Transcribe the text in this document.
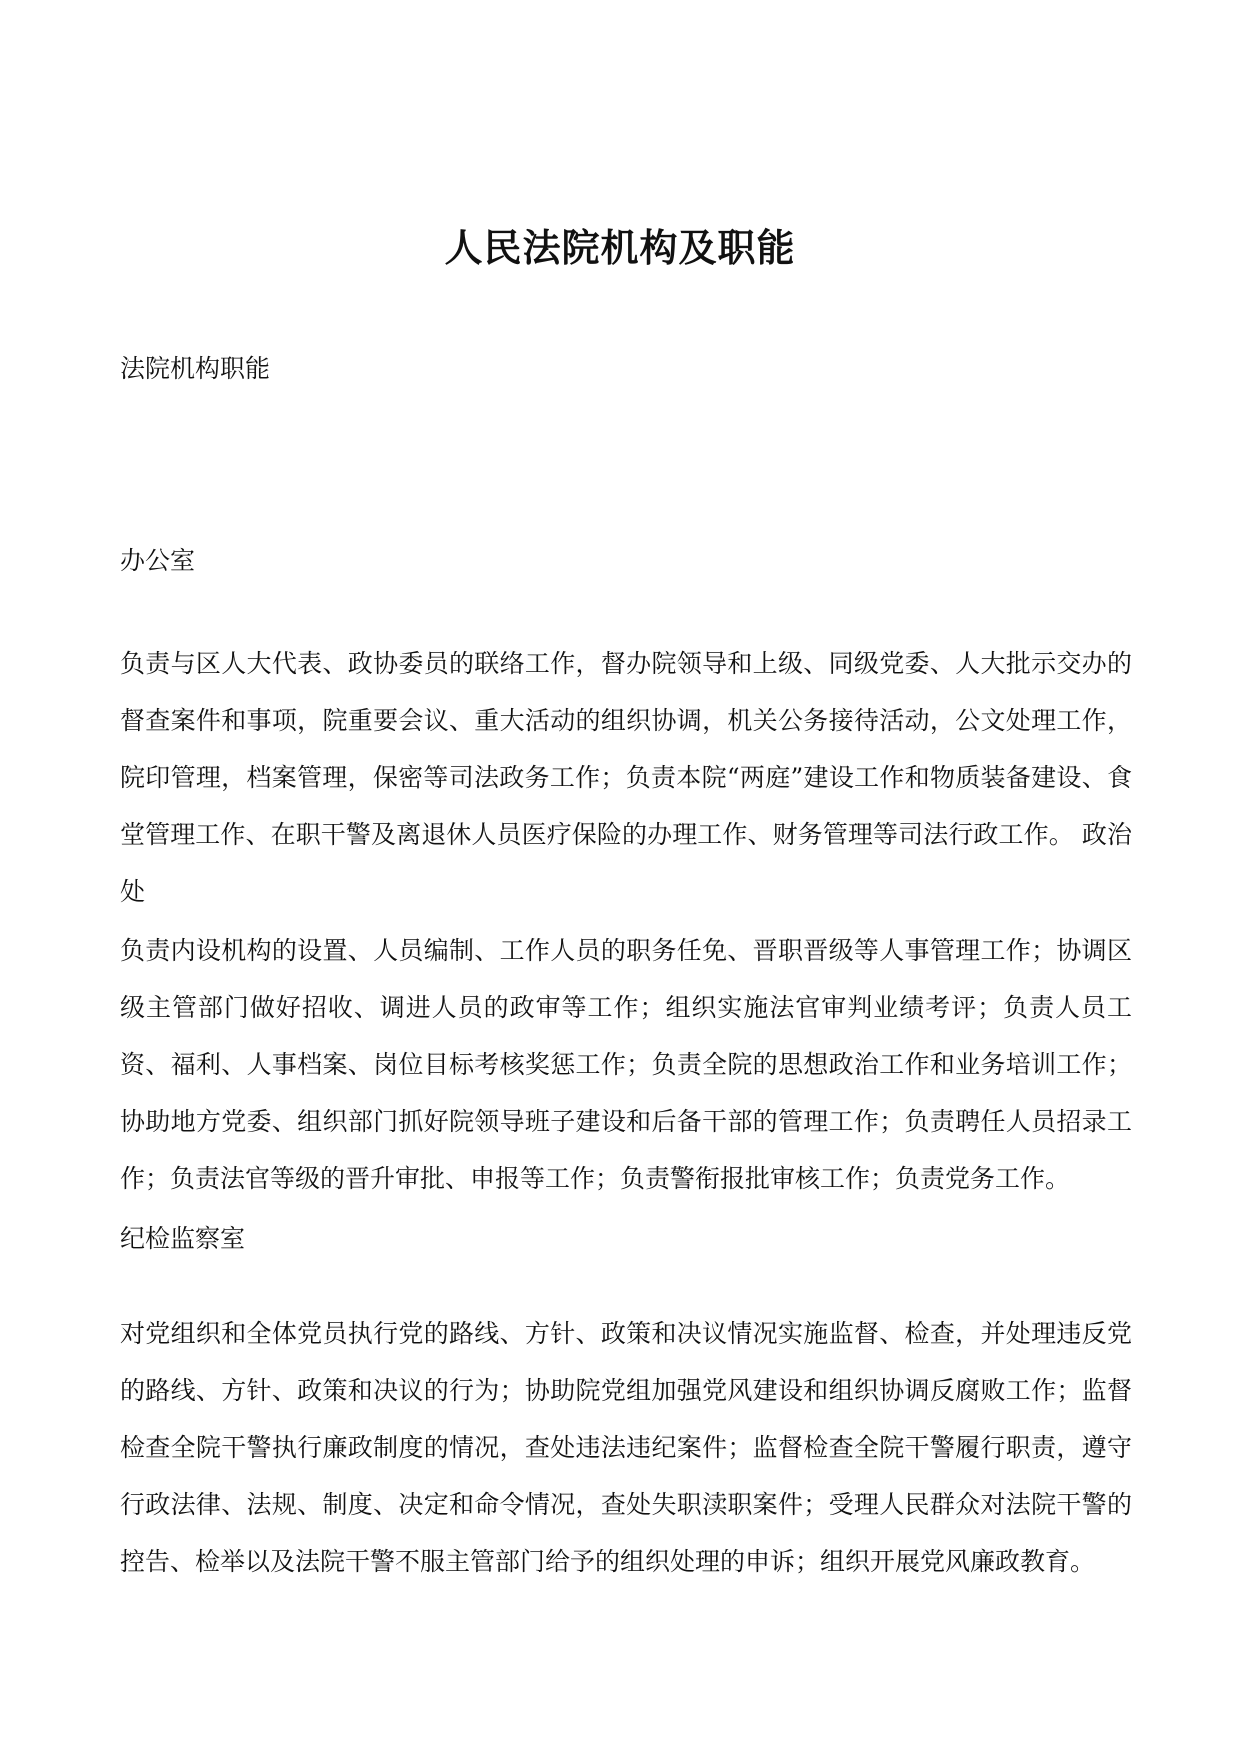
人民法院机构及职能

法院机构职能

办公室

负责与区人大代表、政协委员的联络工作，督办院领导和上级、同级党委、人大批示交办的督查案件和事项，院重要会议、重大活动的组织协调，机关公务接待活动，公文处理工作，院印管理，档案管理，保密等司法政务工作；负责本院“两庭”建设工作和物质装备建设、食堂管理工作、在职干警及离退休人员医疗保险的办理工作、财务管理等司法行政工作。 政治处

负责内设机构的设置、人员编制、工作人员的职务任免、晋职晋级等人事管理工作；协调区级主管部门做好招收、调进人员的政审等工作；组织实施法官审判业绩考评；负责人员工资、福利、人事档案、岗位目标考核奖惩工作；负责全院的思想政治工作和业务培训工作；协助地方党委、组织部门抓好院领导班子建设和后备干部的管理工作；负责聘任人员招录工作；负责法官等级的晋升审批、申报等工作；负责警衔报批审核工作；负责党务工作。

纪检监察室

对党组织和全体党员执行党的路线、方针、政策和决议情况实施监督、检查，并处理违反党的路线、方针、政策和决议的行为；协助院党组加强党风建设和组织协调反腐败工作；监督检查全院干警执行廉政制度的情况，查处违法违纪案件；监督检查全院干警履行职责，遵守行政法律、法规、制度、决定和命令情况，查处失职渎职案件；受理人民群众对法院干警的控告、检举以及法院干警不服主管部门给予的组织处理的申诉；组织开展党风廉政教育。
